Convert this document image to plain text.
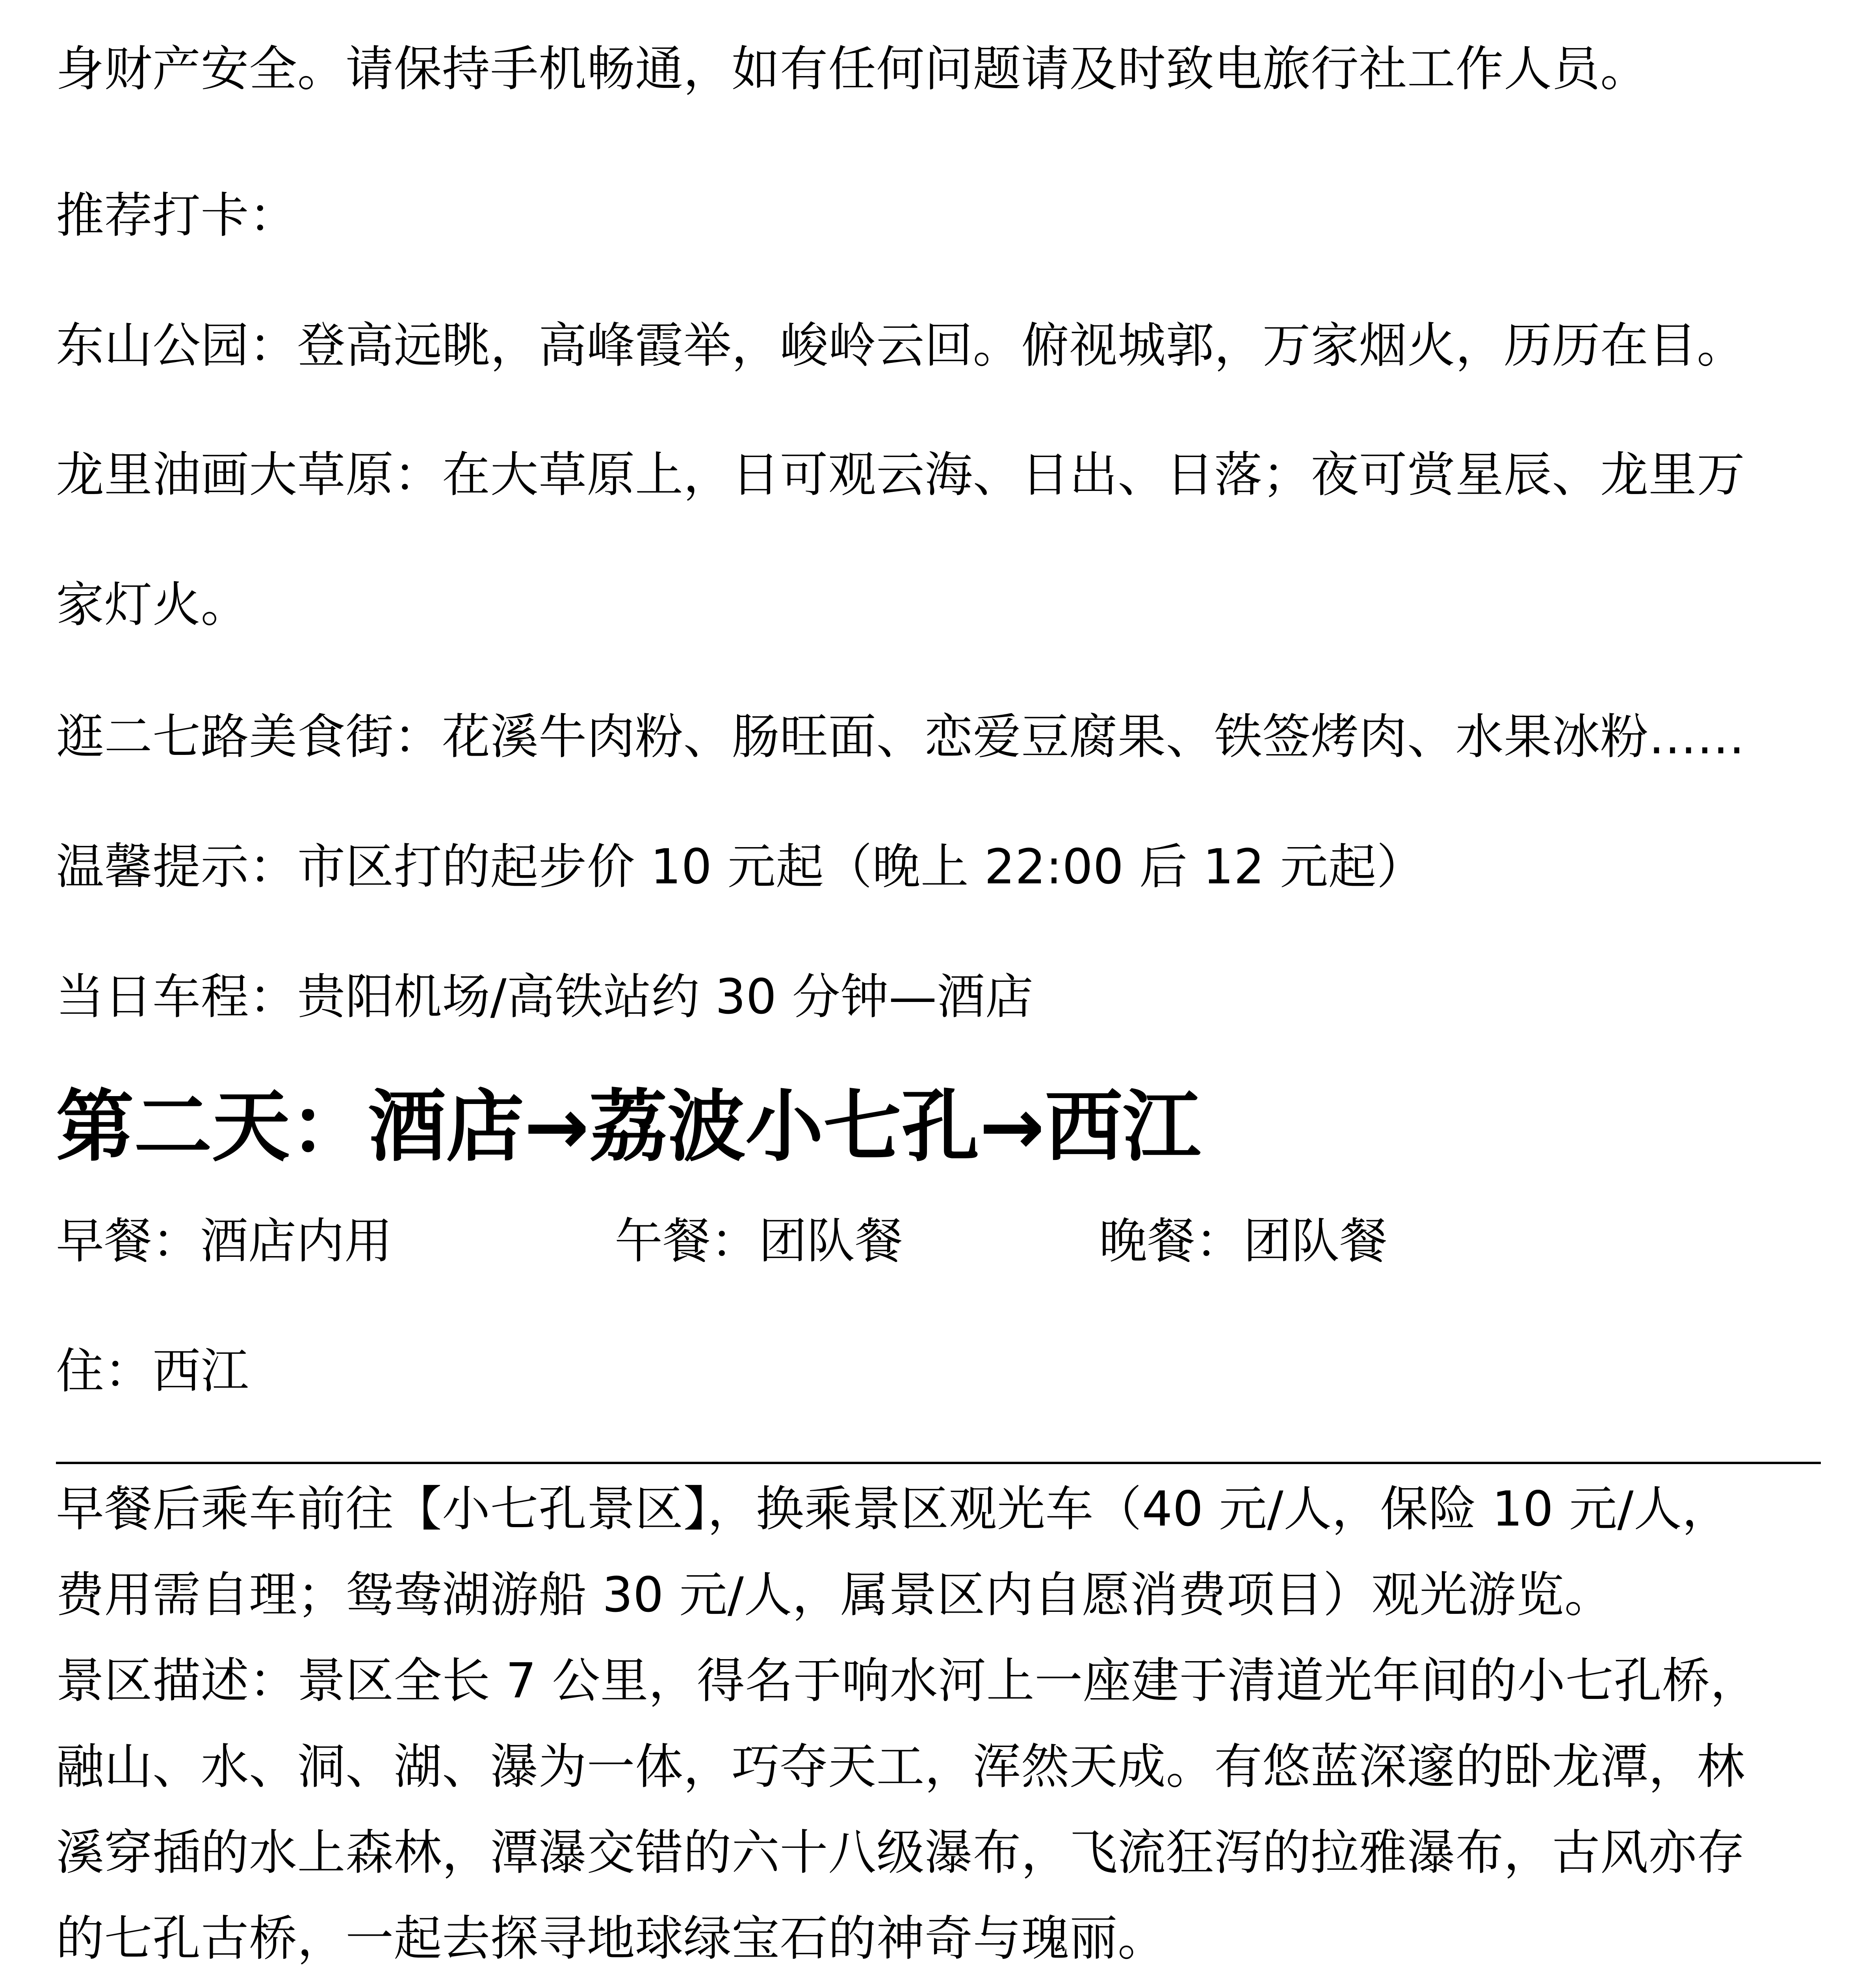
身财产安全。请保持手机畅通，如有任何问题请及时致电旅行社工作人员。
推荐打卡：
东山公园：登高远眺，高峰霞举，峻岭云回。俯视城郭，万家烟火，历历在目。
龙里油画大草原：在大草原上，日可观云海、日出、日落；夜可赏星辰、龙里万
家灯火。
逛二七路美食街：花溪牛肉粉、肠旺面、恋爱豆腐果、铁签烤肉、水果冰粉……
温馨提示：市区打的起步价 10 元起（晚上 22:00 后 12 元起）
当日车程：贵阳机场/高铁站约 30 分钟—酒店
第二天：酒店→荔波小七孔→西江
早餐：酒店内用	午餐：团队餐	晚餐：团队餐
住：西江
早餐后乘车前往【小七孔景区】，换乘景区观光车（40 元/人，保险 10 元/人，
费用需自理；鸳鸯湖游船 30 元/人，属景区内自愿消费项目）观光游览。
景区描述：景区全长 7 公里，得名于响水河上一座建于清道光年间的小七孔桥，
融山、水、洞、湖、瀑为一体，巧夺天工，浑然天成。有悠蓝深邃的卧龙潭，林
溪穿插的水上森林，潭瀑交错的六十八级瀑布，飞流狂泻的拉雅瀑布，古风亦存
的七孔古桥，一起去探寻地球绿宝石的神奇与瑰丽。
